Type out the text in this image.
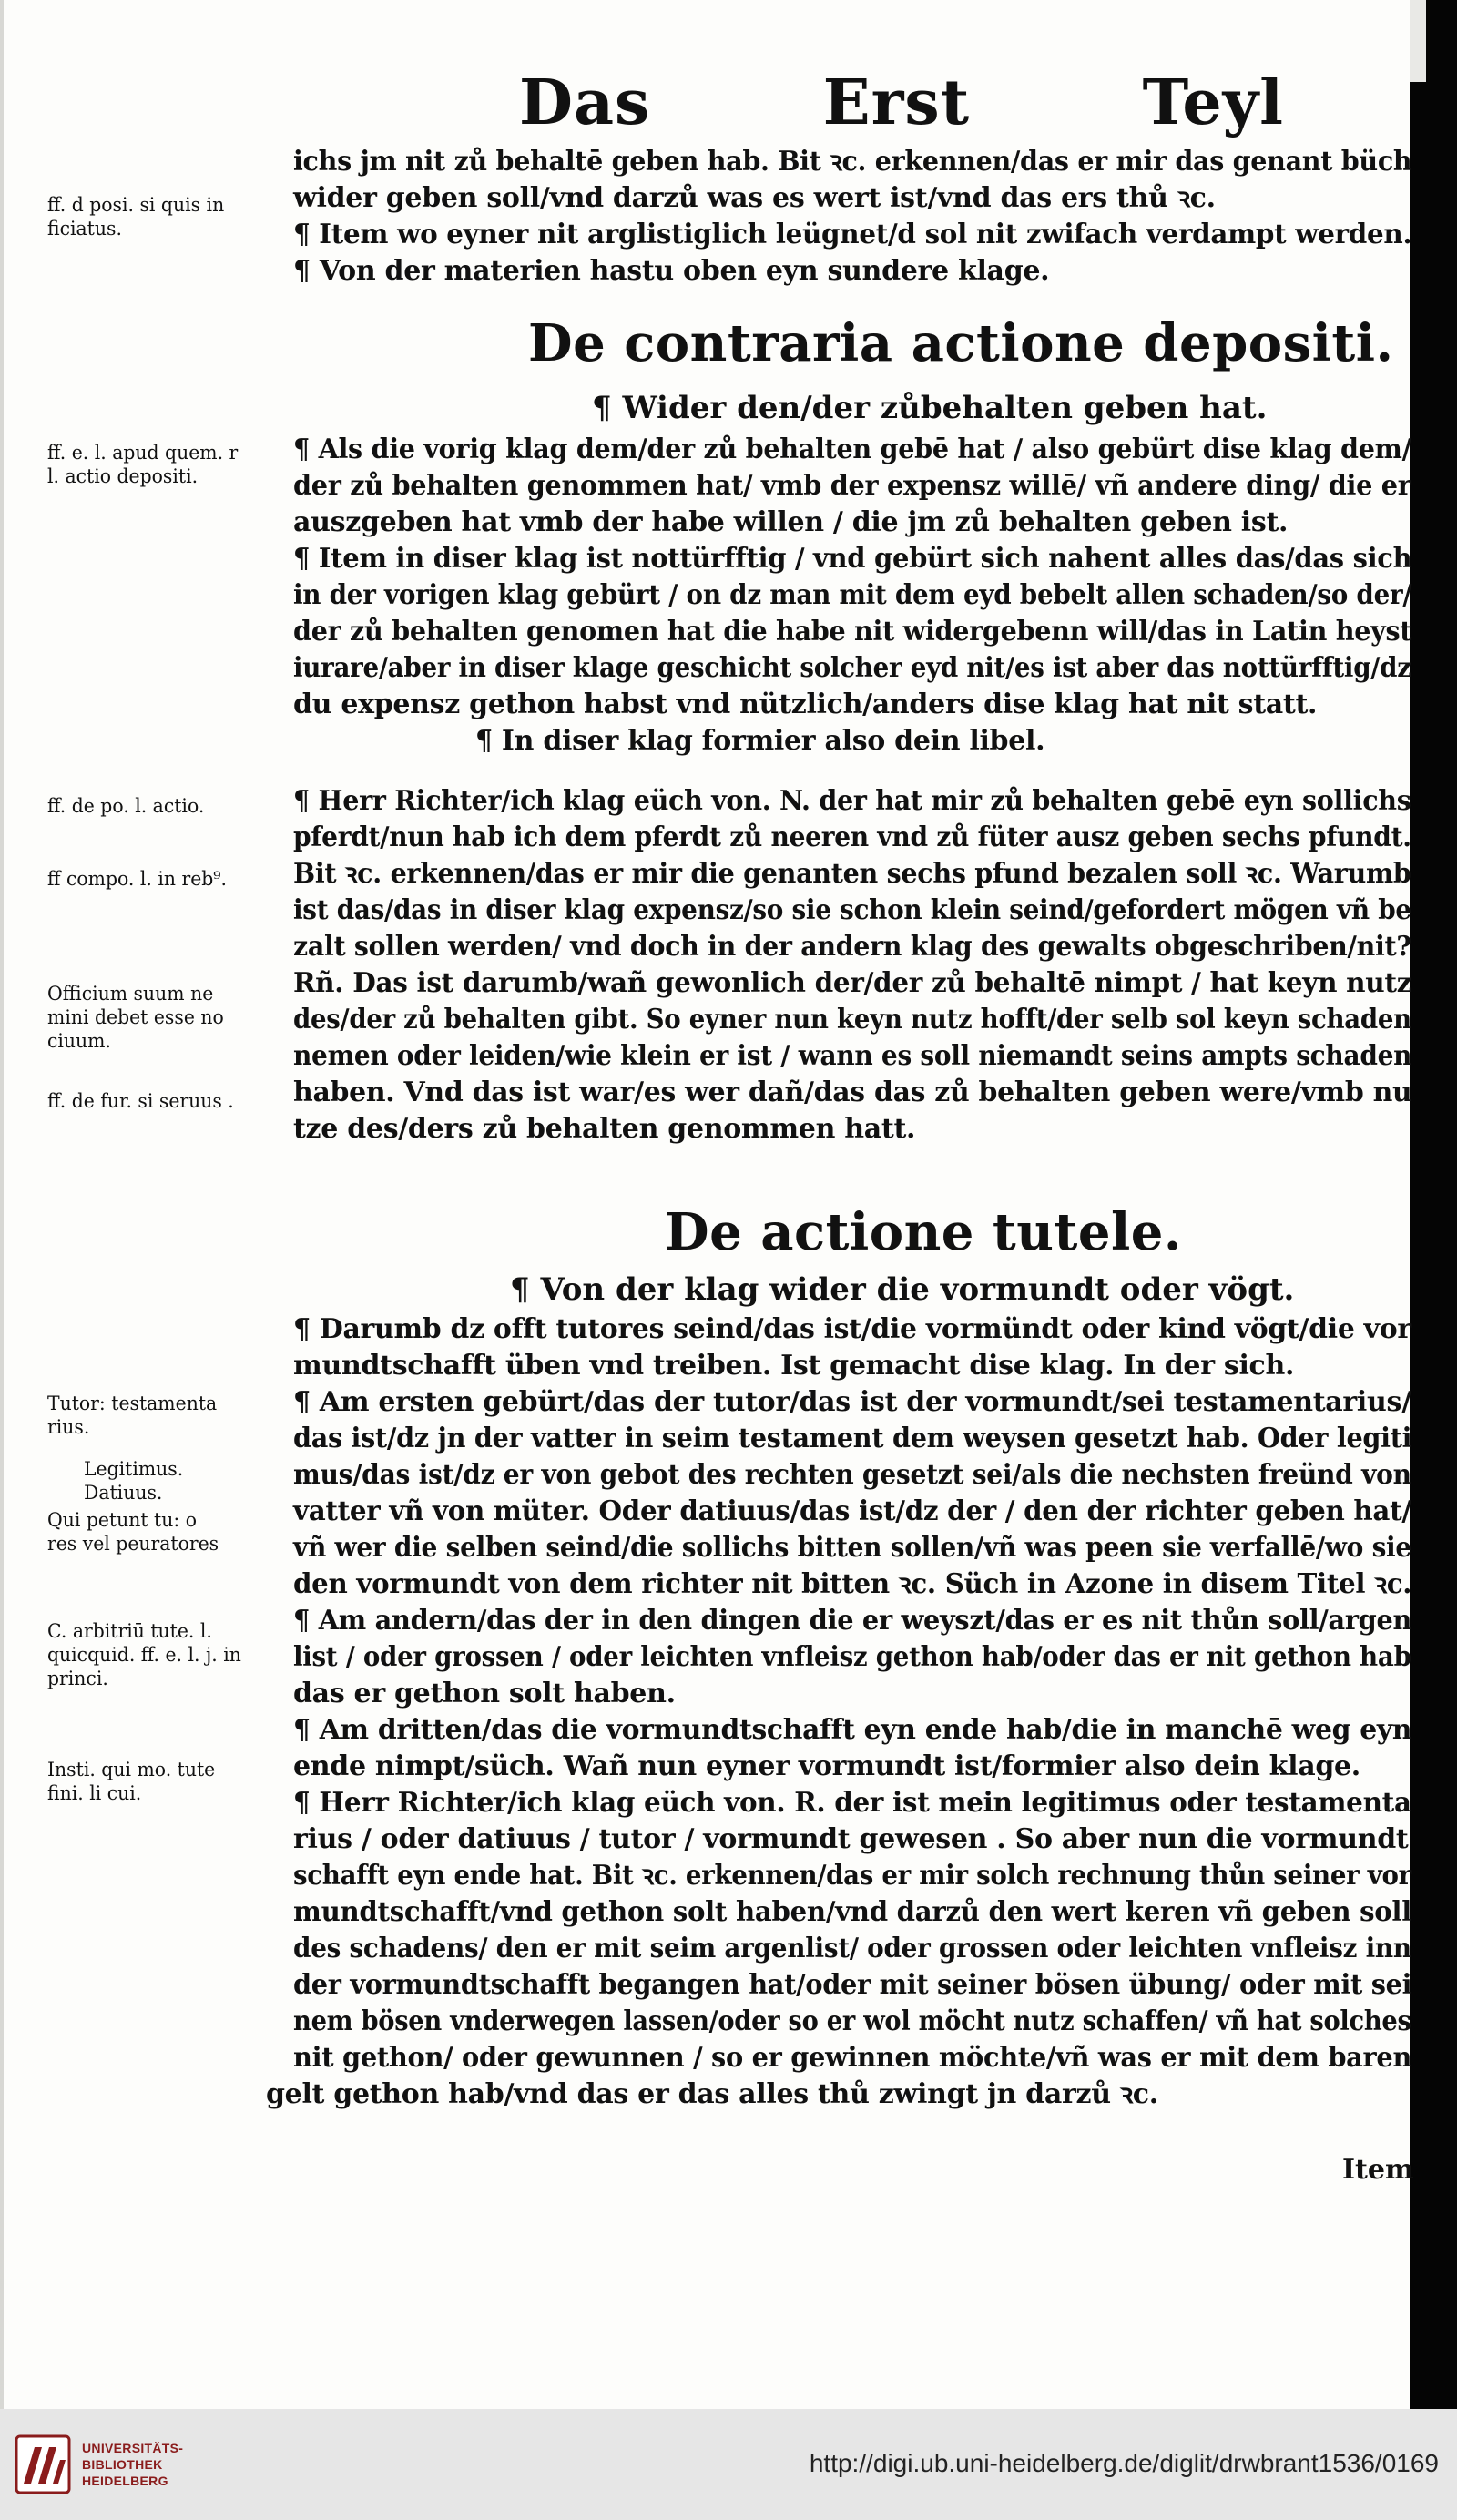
Das	Erst	Teyl
ichs jm nit zů behaltē geben hab. Bit ꝛc. erkennen/das er mir das genant büch
wider geben soll/vnd darzů was es wert ist/vnd das ers thů ꝛc.
¶ Item wo eyner nit arglistiglich leügnet/d sol nit zwifach verdampt werden.
¶ Von der materien hastu oben eyn sundere klage.
De contraria actione depositi.
¶ Wider den/der zůbehalten geben hat.
¶ Als die vorig klag dem/der zů behalten gebē hat / also gebürt dise klag dem/
der zů behalten genommen hat/ vmb der expensz willē/ vñ andere ding/ die er
auszgeben hat vmb der habe willen / die jm zů behalten geben ist.
¶ Item in diser klag ist nottürfftig / vnd gebürt sich nahent alles das/das sich
in der vorigen klag gebürt / on dz man mit dem eyd bebelt allen schaden/so der/
der zů behalten genomen hat die habe nit widergebenn will/das in Latin heyst
iurare/aber in diser klage geschicht solcher eyd nit/es ist aber das nottürfftig/dz
du expensz gethon habst vnd nützlich/anders dise klag hat nit statt.
¶ In diser klag formier also dein libel.
¶ Herr Richter/ich klag eüch von. N. der hat mir zů behalten gebē eyn sollichs
pferdt/nun hab ich dem pferdt zů neeren vnd zů füter ausz geben sechs pfundt.
Bit ꝛc. erkennen/das er mir die genanten sechs pfund bezalen soll ꝛc. Warumb
ist das/das in diser klag expensz/so sie schon klein seind/gefordert mögen vñ be
zalt sollen werden/ vnd doch in der andern klag des gewalts obgeschriben/nit?
Rñ. Das ist darumb/wañ gewonlich der/der zů behaltē nimpt / hat keyn nutz
des/der zů behalten gibt. So eyner nun keyn nutz hofft/der selb sol keyn schaden
nemen oder leiden/wie klein er ist / wann es soll niemandt seins ampts schaden
haben. Vnd das ist war/es wer dañ/das das zů behalten geben were/vmb nu
tze des/ders zů behalten genommen hatt.
De actione tutele.
¶ Von der klag wider die vormundt oder vögt.
¶ Darumb dz offt tutores seind/das ist/die vormündt oder kind vögt/die vor
mundtschafft üben vnd treiben. Ist gemacht dise klag. In der sich.
¶ Am ersten gebürt/das der tutor/das ist der vormundt/sei testamentarius/
das ist/dz jn der vatter in seim testament dem weysen gesetzt hab. Oder legiti
mus/das ist/dz er von gebot des rechten gesetzt sei/als die nechsten freünd von
vatter vñ von müter. Oder datiuus/das ist/dz der / den der richter geben hat/
vñ wer die selben seind/die sollichs bitten sollen/vñ was peen sie verfallē/wo sie
den vormundt von dem richter nit bitten ꝛc. Süch in Azone in disem Titel ꝛc.
¶ Am andern/das der in den dingen die er weyszt/das er es nit thůn soll/argen
list / oder grossen / oder leichten vnfleisz gethon hab/oder das er nit gethon hab
das er gethon solt haben.
¶ Am dritten/das die vormundtschafft eyn ende hab/die in manchē weg eyn
ende nimpt/süch. Wañ nun eyner vormundt ist/formier also dein klage.
¶ Herr Richter/ich klag eüch von. R. der ist mein legitimus oder testamenta
rius / oder datiuus / tutor / vormundt gewesen . So aber nun die vormundt
schafft eyn ende hat. Bit ꝛc. erkennen/das er mir solch rechnung thůn seiner vor
mundtschafft/vnd gethon solt haben/vnd darzů den wert keren vñ geben soll
des schadens/ den er mit seim argenlist/ oder grossen oder leichten vnfleisz inn
der vormundtschafft begangen hat/oder mit seiner bösen übung/ oder mit sei
nem bösen vnderwegen lassen/oder so er wol möcht nutz schaffen/ vñ hat solches
nit gethon/ oder gewunnen / so er gewinnen möchte/vñ was er mit dem baren
gelt gethon hab/vnd das er das alles thů zwingt jn darzů ꝛc.
Item
ff. d posi. si quis in
ficiatus.
ff. e. l. apud quem. r
l. actio depositi.
ff. de po. l. actio.
ff compo. l. in reb⁹.
Officium suum ne
mini debet esse no
ciuum.
ff. de fur. si seruus .
Tutor: testamenta
rius.
Legitimus.
Datiuus.
Qui petunt tu: o
res vel peuratores
C. arbitriū tute. l.
quicquid. ff. e. l. j. in
princi.
Insti. qui mo. tute
fini. li cui.
UNIVERSITÄTS-
BIBLIOTHEK
HEIDELBERG
http://digi.ub.uni-heidelberg.de/diglit/drwbrant1536/0169
